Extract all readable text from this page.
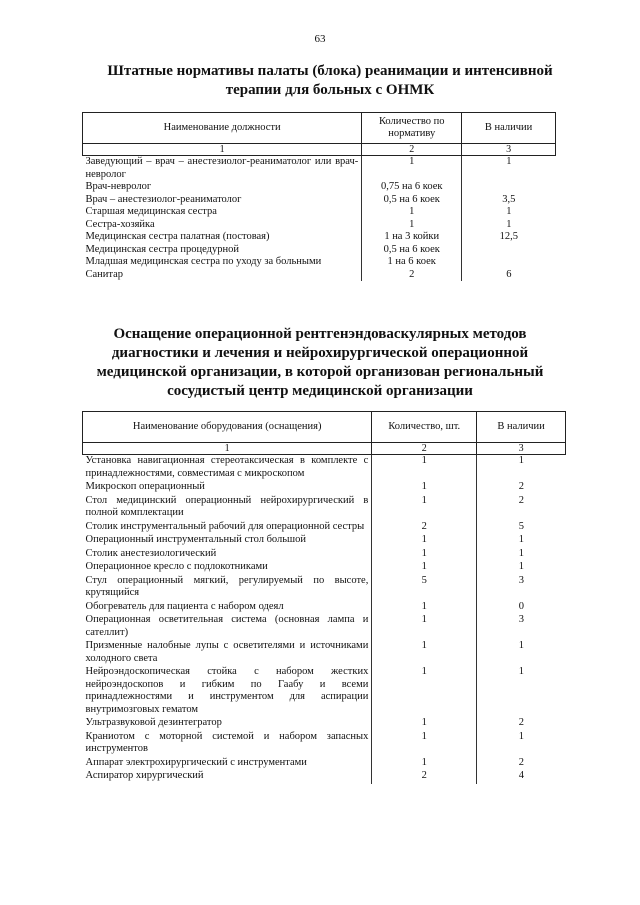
63
Штатные нормативы палаты (блока) реанимации и интенсивной терапии для больных с ОНМК
Наименование должности	Количество по нормативу	В наличии
1	2	3
Заведующий – врач – анестезиолог-реаниматолог или врач-невролог	1	1
Врач-невролог	0,75 на 6 коек	
Врач – анестезиолог-реаниматолог	0,5 на 6 коек	3,5
Старшая медицинская сестра	1	1
Сестра-хозяйка	1	1
Медицинская сестра палатная (постовая)	1 на 3 койки	12,5
Медицинская сестра процедурной	0,5 на 6 коек	
Младшая медицинская сестра по уходу за больными	1 на 6 коек	
Санитар	2	6
Оснащение операционной рентгенэндоваскулярных методов диагностики и лечения и нейрохирургической операционной медицинской организации, в которой организован региональный сосудистый центр медицинской организации
Наименование оборудования (оснащения)	Количество, шт.	В наличии
1	2	3
Установка навигационная стереотаксическая в комплекте с принадлежностями, совместимая с микроскопом	1	1
Микроскоп операционный	1	2
Стол медицинский операционный нейрохирургический в полной комплектации	1	2
Столик инструментальный рабочий для операционной сестры	2	5
Операционный инструментальный стол большой	1	1
Столик анестезиологический	1	1
Операционное кресло с подлокотниками	1	1
Стул операционный мягкий, регулируемый по высоте, крутящийся	5	3
Обогреватель для пациента с набором одеял	1	0
Операционная осветительная система (основная лампа и сателлит)	1	3
Призменные налобные лупы с осветителями и источниками холодного света	1	1
Нейроэндоскопическая стойка с набором жестких нейроэндоскопов и гибким по Гаабу и всеми принадлежностями и инструментом для аспирации внутримозговых гематом	1	1
Ультразвуковой дезинтегратор	1	2
Краниотом с моторной системой и набором запасных инструментов	1	1
Аппарат электрохирургический с инструментами	1	2
Аспиратор хирургический	2	4
